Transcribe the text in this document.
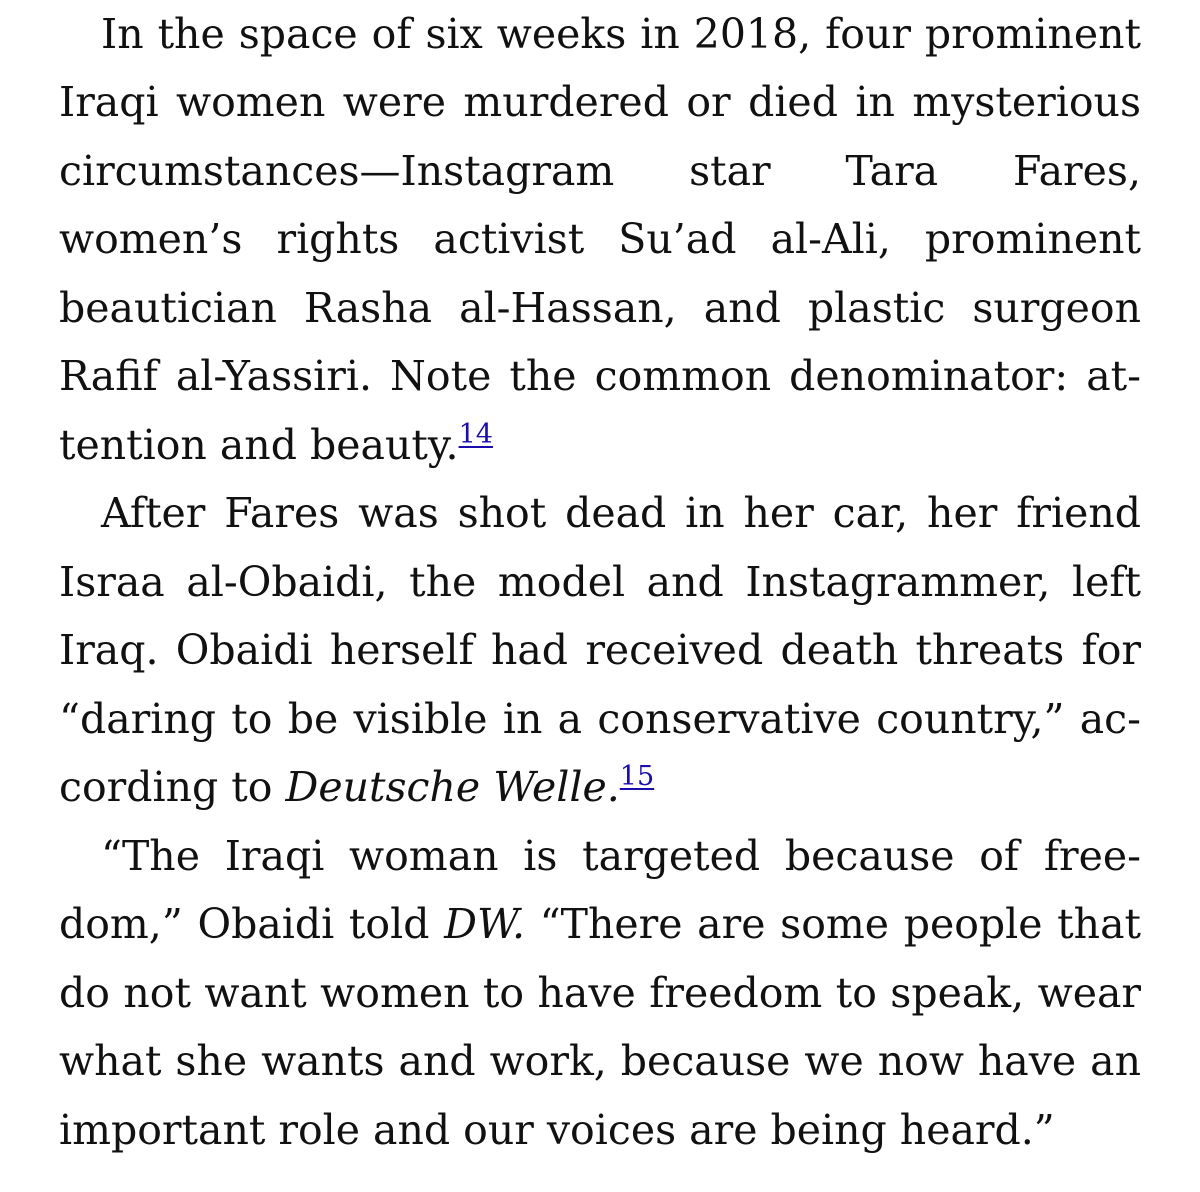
In the space of six weeks in 2018, four prominent Iraqi women were murdered or died in mysterious circumstances—Instagram star Tara Fares, women’s rights activist Su’ad al-Ali, prominent beautician Rasha al-Hassan, and plastic surgeon Rafif al-Yassiri. Note the common denominator: attention and beauty.$^{14}$

After Fares was shot dead in her car, her friend Israa al-Obaidi, the model and Instagrammer, left Iraq. Obaidi herself had received death threats for “daring to be visible in a conservative country,” according to Deutsche Welle.$^{15}$

“The Iraqi woman is targeted because of freedom,” Obaidi told DW. “There are some people that do not want women to have freedom to speak, wear what she wants and work, because we now have an important role and our voices are being heard.”
